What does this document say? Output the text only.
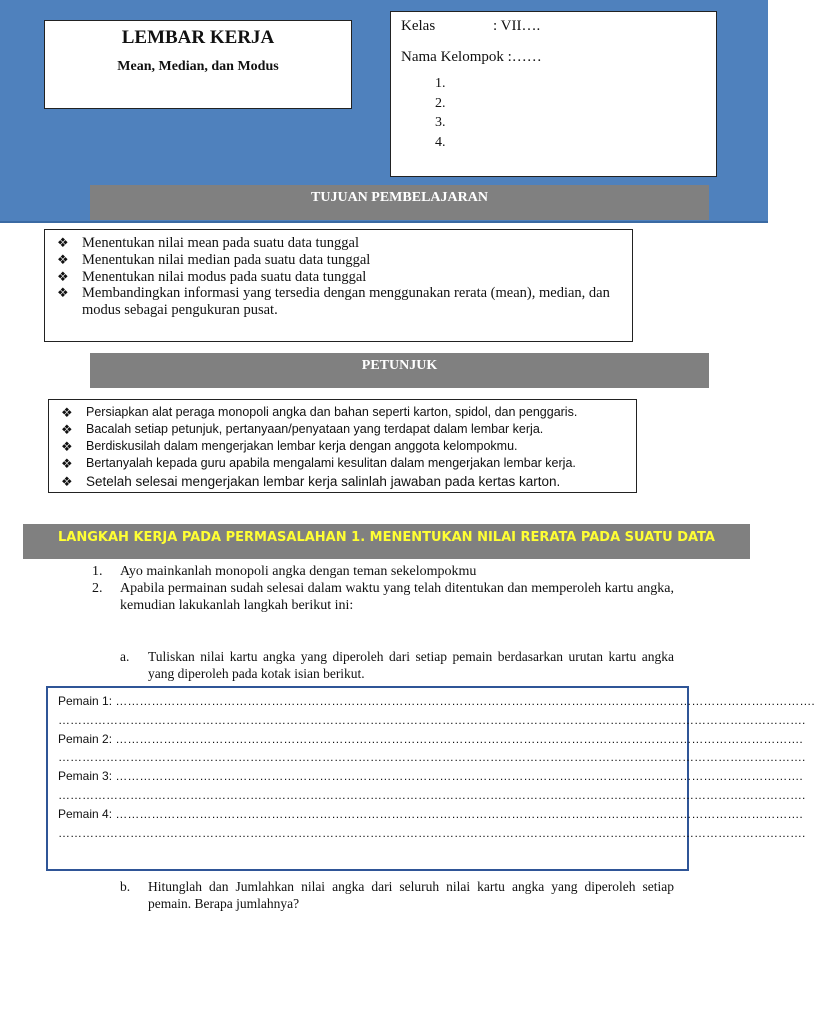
LEMBAR KERJA
Mean, Median, dan Modus
Kelas	: VII….
Nama Kelompok :……
1.
2.
3.
4.
TUJUAN PEMBELAJARAN
❖ Menentukan nilai mean pada suatu data tunggal
❖ Menentukan nilai median pada suatu data tunggal
❖ Menentukan nilai modus pada suatu data tunggal
❖ Membandingkan informasi yang tersedia dengan menggunakan rerata (mean), median, dan modus sebagai pengukuran pusat.
PETUNJUK
❖ Persiapkan alat peraga monopoli angka dan bahan seperti karton, spidol, dan penggaris.
❖ Bacalah setiap petunjuk, pertanyaan/penyataan yang terdapat dalam lembar kerja.
❖ Berdiskusilah dalam mengerjakan lembar kerja dengan anggota kelompokmu.
❖ Bertanyalah kepada guru apabila mengalami kesulitan dalam mengerjakan lembar kerja.
❖ Setelah selesai mengerjakan lembar kerja salinlah jawaban pada kertas karton.
LANGKAH KERJA PADA PERMASALAHAN 1. MENENTUKAN NILAI RERATA PADA SUATU DATA
1. Ayo mainkanlah monopoli angka dengan teman sekelompokmu
2. Apabila permainan sudah selesai dalam waktu yang telah ditentukan dan memperoleh kartu angka, kemudian lakukanlah langkah berikut ini:
a. Tuliskan nilai kartu angka yang diperoleh dari setiap pemain berdasarkan urutan kartu angka yang diperoleh pada kotak isian berikut.
Pemain 1: ………………………………………………………………………………………………………………………………………………………….
…………………………………………………………………………………………………………………………………………………………………….
Pemain 2: ……………………………………………………………………………………………………………………………………………………….
…………………………………………………………………………………………………………………………………………………………………….
Pemain 3: ……………………………………………………………………………………………………………………………………………………….
…………………………………………………………………………………………………………………………………………………………………….
Pemain 4: ……………………………………………………………………………………………………………………………………………………….
…………………………………………………………………………………………………………………………………………………………………….
b. Hitunglah dan Jumlahkan nilai angka dari seluruh nilai kartu angka yang diperoleh setiap pemain. Berapa jumlahnya?
